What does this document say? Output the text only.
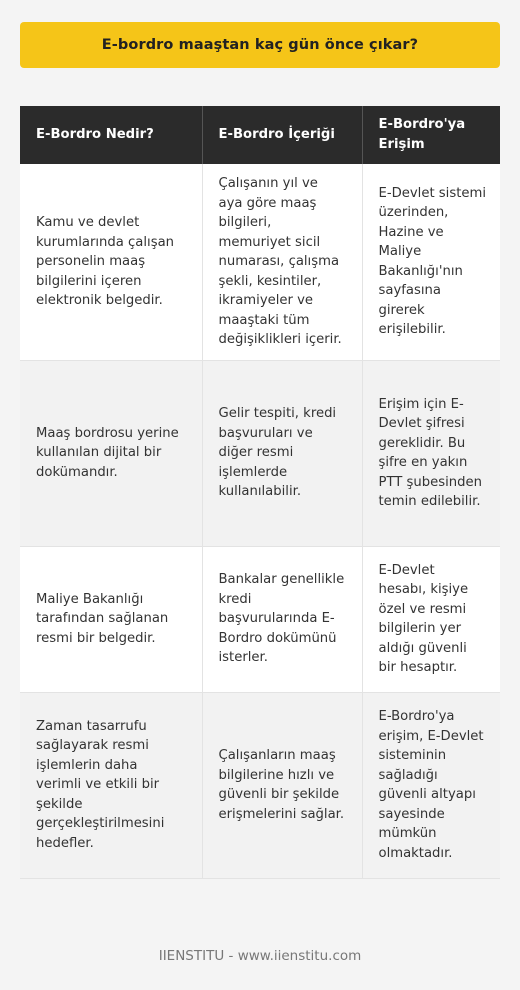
E-bordro maaştan kaç gün önce çıkar?
E-Bordro Nedir?	E-Bordro İçeriği	E-Bordro'ya Erişim
Kamu ve devlet kurumlarında çalışan personelin maaş bilgilerini içeren elektronik belgedir.	Çalışanın yıl ve aya göre maaş bilgileri, memuriyet sicil numarası, çalışma şekli, kesintiler, ikramiyeler ve maaştaki tüm değişiklikleri içerir.	E-Devlet sistemi üzerinden, Hazine ve Maliye Bakanlığı'nın sayfasına girerek erişilebilir.
Maaş bordrosu yerine kullanılan dijital bir dokümandır.	Gelir tespiti, kredi başvuruları ve diğer resmi işlemlerde kullanılabilir.	Erişim için E-Devlet şifresi gereklidir. Bu şifre en yakın PTT şubesinden temin edilebilir.
Maliye Bakanlığı tarafından sağlanan resmi bir belgedir.	Bankalar genellikle kredi başvurularında E-Bordro dokümünü isterler.	E-Devlet hesabı, kişiye özel ve resmi bilgilerin yer aldığı güvenli bir hesaptır.
Zaman tasarrufu sağlayarak resmi işlemlerin daha verimli ve etkili bir şekilde gerçekleştirilmesini hedefler.	Çalışanların maaş bilgilerine hızlı ve güvenli bir şekilde erişmelerini sağlar.	E-Bordro'ya erişim, E-Devlet sisteminin sağladığı güvenli altyapı sayesinde mümkün olmaktadır.
IIENSTITU - www.iienstitu.com
